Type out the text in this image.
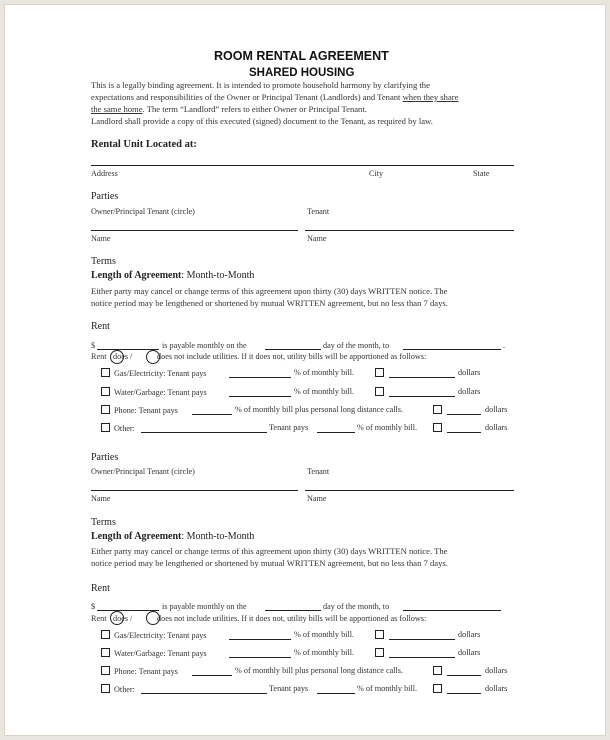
ROOM RENTAL AGREEMENT
SHARED HOUSING
This is a legally binding agreement. It is intended to promote household harmony by clarifying the
expectations and responsibilities of the Owner or Principal Tenant (Landlords) and Tenant when they share
the same home. The term “Landlord” refers to either Owner or Principal Tenant.
Landlord shall provide a copy of this executed (signed) document to the Tenant, as required by law.
Rental Unit Located at:
Address	City	State
Parties
Owner/Principal Tenant (circle)	Tenant
Name	Name
Terms
Length of Agreement: Month-to-Month
Either party may cancel or change terms of this agreement upon thirty (30) days WRITTEN notice. The
notice period may be lengthened or shortened by mutual WRITTEN agreement, but no less than 7 days.
Rent
$	is payable monthly on the	day of the month, to	.
Rent does /	does not include utilities. If it does not, utility bills will be apportioned as follows:
Gas/Electricity: Tenant pays	% of monthly bill.	dollars
Water/Garbage: Tenant pays	% of monthly bill.	dollars
Phone: Tenant pays	% of monthly bill plus personal long distance calls.	dollars
Other:	Tenant pays	% of monthly bill.	dollars
Parties
Owner/Principal Tenant (circle)	Tenant
Name	Name
Terms
Length of Agreement: Month-to-Month
Either party may cancel or change terms of this agreement upon thirty (30) days WRITTEN notice. The
notice period may be lengthened or shortened by mutual WRITTEN agreement, but no less than 7 days.
Rent
$	is payable monthly on the	day of the month, to
Rent does /	does not include utilities. If it does not, utility bills will be apportioned as follows:
Gas/Electricity: Tenant pays	% of monthly bill.	dollars
Water/Garbage: Tenant pays	% of monthly bill.	dollars
Phone: Tenant pays	% of monthly bill plus personal long distance calls.	dollars
Other:	Tenant pays	% of monthly bill.	dollars
